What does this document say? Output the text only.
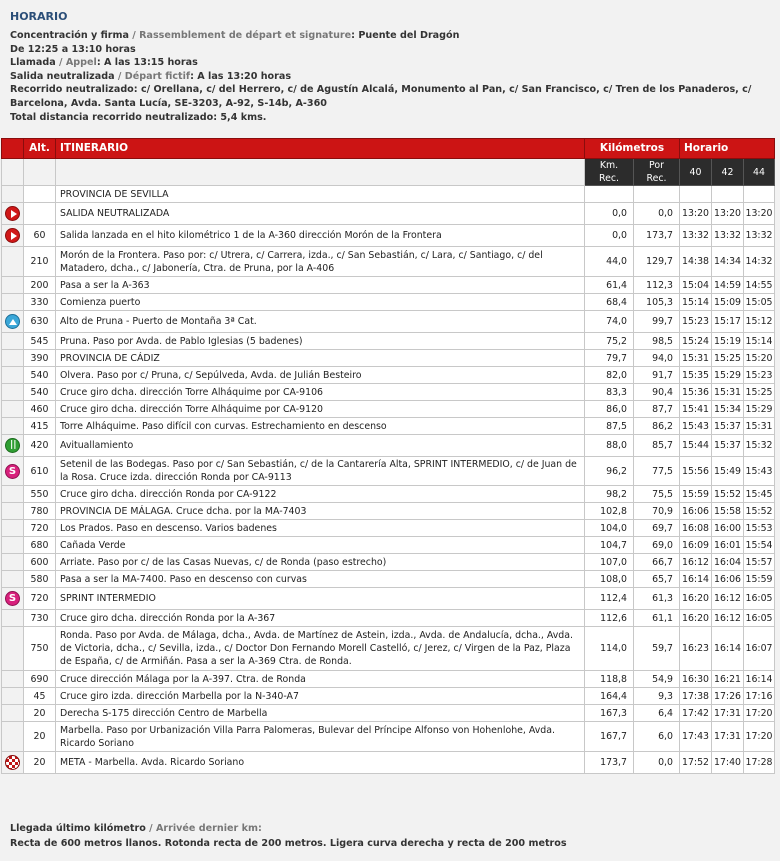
HORARIO
Concentración y firma / Rassemblement de départ et signature: Puente del Dragón
De 12:25 a 13:10 horas
Llamada / Appel: A las 13:15 horas
Salida neutralizada / Départ fictif: A las 13:20 horas
Recorrido neutralizado: c/ Orellana, c/ del Herrero, c/ de Agustín Alcalá, Monumento al Pan, c/ San Francisco, c/ Tren de los Panaderos, c/ Barcelona, Avda. Santa Lucía, SE-3203, A-92, S-14b, A-360
Total distancia recorrido neutralizado: 5,4 kms.
	Alt.	ITINERARIO	Kilómetros		Horario		
			Km. Rec.	Por Rec.	40	42	44
		PROVINCIA DE SEVILLA					
		SALIDA NEUTRALIZADA	0,0	0,0	13:20	13:20	13:20
	60	Salida lanzada en el hito kilométrico 1 de la A-360 dirección Morón de la Frontera	0,0	173,7	13:32	13:32	13:32
	210	Morón de la Frontera. Paso por: c/ Utrera, c/ Carrera, izda., c/ San Sebastián, c/ Lara, c/ Santiago, c/ del Matadero, dcha., c/ Jabonería, Ctra. de Pruna, por la A-406	44,0	129,7	14:38	14:34	14:32
	200	Pasa a ser la A-363	61,4	112,3	15:04	14:59	14:55
	330	Comienza puerto	68,4	105,3	15:14	15:09	15:05
	630	Alto de Pruna - Puerto de Montaña 3ª Cat.	74,0	99,7	15:23	15:17	15:12
	545	Pruna. Paso por Avda. de Pablo Iglesias (5 badenes)	75,2	98,5	15:24	15:19	15:14
	390	PROVINCIA DE CÁDIZ	79,7	94,0	15:31	15:25	15:20
	540	Olvera. Paso por c/ Pruna, c/ Sepúlveda, Avda. de Julián Besteiro	82,0	91,7	15:35	15:29	15:23
	540	Cruce giro dcha. dirección Torre Alháquime por CA-9106	83,3	90,4	15:36	15:31	15:25
	460	Cruce giro dcha. dirección Torre Alháquime por CA-9120	86,0	87,7	15:41	15:34	15:29
	415	Torre Alháquime. Paso difícil con curvas. Estrechamiento en descenso	87,5	86,2	15:43	15:37	15:31
||	420	Avituallamiento	88,0	85,7	15:44	15:37	15:32
S	610	Setenil de las Bodegas. Paso por c/ San Sebastián, c/ de la Cantarería Alta, SPRINT INTERMEDIO, c/ de Juan de la Rosa. Cruce izda. dirección Ronda por CA-9113	96,2	77,5	15:56	15:49	15:43
	550	Cruce giro dcha. dirección Ronda por CA-9122	98,2	75,5	15:59	15:52	15:45
	780	PROVINCIA DE MÁLAGA. Cruce dcha. por la MA-7403	102,8	70,9	16:06	15:58	15:52
	720	Los Prados. Paso en descenso. Varios badenes	104,0	69,7	16:08	16:00	15:53
	680	Cañada Verde	104,7	69,0	16:09	16:01	15:54
	600	Arriate. Paso por c/ de las Casas Nuevas, c/ de Ronda (paso estrecho)	107,0	66,7	16:12	16:04	15:57
	580	Pasa a ser la MA-7400. Paso en descenso con curvas	108,0	65,7	16:14	16:06	15:59
S	720	SPRINT INTERMEDIO	112,4	61,3	16:20	16:12	16:05
	730	Cruce giro dcha. dirección Ronda por la A-367	112,6	61,1	16:20	16:12	16:05
	750	Ronda. Paso por Avda. de Málaga, dcha., Avda. de Martínez de Astein, izda., Avda. de Andalucía, dcha., Avda. de Victoria, dcha., c/ Sevilla, izda., c/ Doctor Don Fernando Morell Castelló, c/ Jerez, c/ Virgen de la Paz, Plaza de España, c/ de Armiñán. Pasa a ser la A-369 Ctra. de Ronda.	114,0	59,7	16:23	16:14	16:07
	690	Cruce dirección Málaga por la A-397. Ctra. de Ronda	118,8	54,9	16:30	16:21	16:14
	45	Cruce giro izda. dirección Marbella por la N-340-A7	164,4	9,3	17:38	17:26	17:16
	20	Derecha S-175 dirección Centro de Marbella	167,3	6,4	17:42	17:31	17:20
	20	Marbella. Paso por Urbanización Villa Parra Palomeras, Bulevar del Príncipe Alfonso von Hohenlohe, Avda. Ricardo Soriano	167,7	6,0	17:43	17:31	17:20
	20	META - Marbella. Avda. Ricardo Soriano	173,7	0,0	17:52	17:40	17:28
Llegada último kilómetro / Arrivée dernier km:
Recta de 600 metros llanos. Rotonda recta de 200 metros. Ligera curva derecha y recta de 200 metros
